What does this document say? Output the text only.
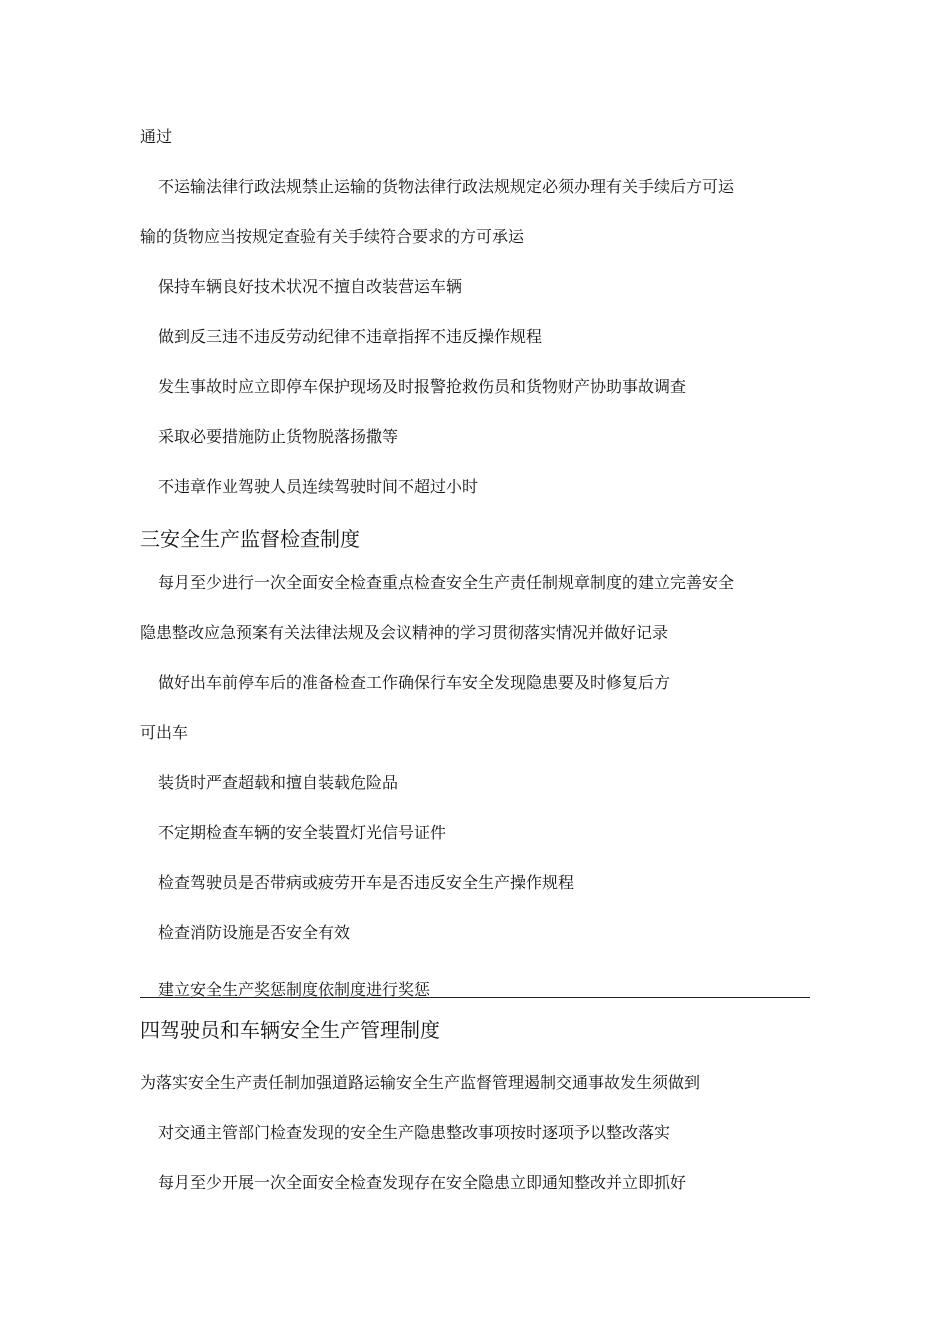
通过
不运输法律行政法规禁止运输的货物法律行政法规规定必须办理有关手续后方可运
输的货物应当按规定查验有关手续符合要求的方可承运
保持车辆良好技术状况不擅自改装营运车辆
做到反三违不违反劳动纪律不违章指挥不违反操作规程
发生事故时应立即停车保护现场及时报警抢救伤员和货物财产协助事故调查
采取必要措施防止货物脱落扬撒等
不违章作业驾驶人员连续驾驶时间不超过小时
三安全生产监督检查制度
每月至少进行一次全面安全检查重点检查安全生产责任制规章制度的建立完善安全
隐患整改应急预案有关法律法规及会议精神的学习贯彻落实情况并做好记录
做好出车前停车后的准备检查工作确保行车安全发现隐患要及时修复后方
可出车
装货时严查超载和擅自装载危险品
不定期检查车辆的安全装置灯光信号证件
检查驾驶员是否带病或疲劳开车是否违反安全生产操作规程
检查消防设施是否安全有效
建立安全生产奖惩制度依制度进行奖惩
四驾驶员和车辆安全生产管理制度
为落实安全生产责任制加强道路运输安全生产监督管理遏制交通事故发生须做到
对交通主管部门检查发现的安全生产隐患整改事项按时逐项予以整改落实
每月至少开展一次全面安全检查发现存在安全隐患立即通知整改并立即抓好
